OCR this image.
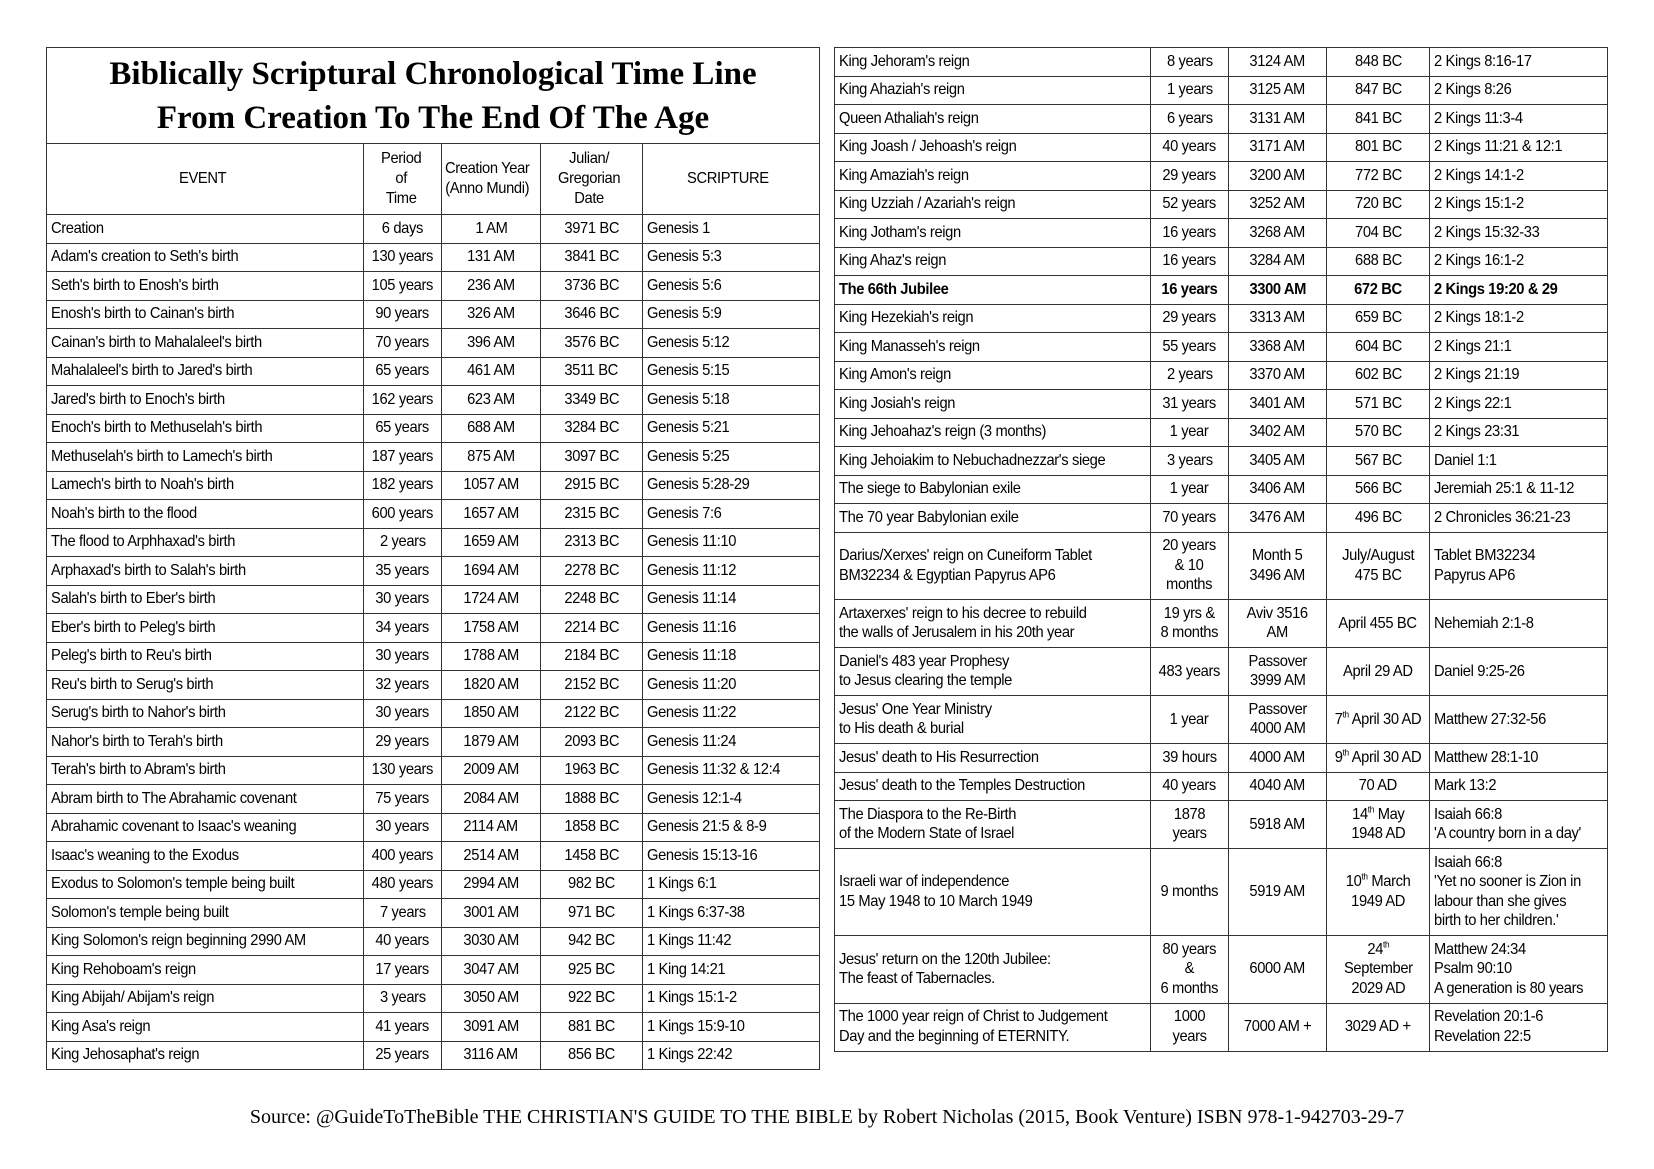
Biblically Scriptural Chronological Time Line
From Creation To The End Of The Age				

EVENT	Period
of
Time	Creation Year
(Anno Mundi)	Julian/
Gregorian
Date	SCRIPTURE
Creation	6 days	1 AM	3971 BC	Genesis 1
Adam's creation to Seth's birth	130 years	131 AM	3841 BC	Genesis 5:3
Seth's birth to Enosh's birth	105 years	236 AM	3736 BC	Genesis 5:6
Enosh's birth to Cainan's birth	90 years	326 AM	3646 BC	Genesis 5:9
Cainan's birth to Mahalaleel's birth	70 years	396 AM	3576 BC	Genesis 5:12
Mahalaleel's birth to Jared's birth	65 years	461 AM	3511 BC	Genesis 5:15
Jared's birth to Enoch's birth	162 years	623 AM	3349 BC	Genesis 5:18
Enoch's birth to Methuselah's birth	65 years	688 AM	3284 BC	Genesis 5:21
Methuselah's birth to Lamech's birth	187 years	875 AM	3097 BC	Genesis 5:25
Lamech's birth to Noah's birth	182 years	1057 AM	2915 BC	Genesis 5:28-29
Noah's birth to the flood	600 years	1657 AM	2315 BC	Genesis 7:6
The flood to Arphhaxad's birth	2 years	1659 AM	2313 BC	Genesis 11:10
Arphaxad's birth to Salah's birth	35 years	1694 AM	2278 BC	Genesis 11:12
Salah's birth to Eber's birth	30 years	1724 AM	2248 BC	Genesis 11:14
Eber's birth to Peleg's birth	34 years	1758 AM	2214 BC	Genesis 11:16
Peleg's birth to Reu's birth	30 years	1788 AM	2184 BC	Genesis 11:18
Reu's birth to Serug's birth	32 years	1820 AM	2152 BC	Genesis 11:20
Serug's birth to Nahor's birth	30 years	1850 AM	2122 BC	Genesis 11:22
Nahor's birth to Terah's birth	29 years	1879 AM	2093 BC	Genesis 11:24
Terah's birth to Abram's birth	130 years	2009 AM	1963 BC	Genesis 11:32 & 12:4
Abram birth to The Abrahamic covenant	75 years	2084 AM	1888 BC	Genesis 12:1-4
Abrahamic covenant to Isaac's weaning	30 years	2114 AM	1858 BC	Genesis 21:5 & 8-9
Isaac's weaning to the Exodus	400 years	2514 AM	1458 BC	Genesis 15:13-16
Exodus to Solomon's temple being built	480 years	2994 AM	982 BC	1 Kings 6:1
Solomon's temple being built	7 years	3001 AM	971 BC	1 Kings 6:37-38
King Solomon's reign beginning 2990 AM	40 years	3030 AM	942 BC	1 Kings 11:42
King Rehoboam's reign	17 years	3047 AM	925 BC	1 King 14:21
King Abijah/ Abijam's reign	3 years	3050 AM	922 BC	1 Kings 15:1-2
King Asa's reign	41 years	3091 AM	881 BC	1 Kings 15:9-10
King Jehosaphat's reign	25 years	3116 AM	856 BC	1 Kings 22:42
King Jehoram's reign	8 years	3124 AM	848 BC	2 Kings 8:16-17
King Ahaziah's reign	1 years	3125 AM	847 BC	2 Kings 8:26
Queen Athaliah's reign	6 years	3131 AM	841 BC	2 Kings 11:3-4
King Joash / Jehoash's reign	40 years	3171 AM	801 BC	2 Kings 11:21 & 12:1
King Amaziah's reign	29 years	3200 AM	772 BC	2 Kings 14:1-2
King Uzziah / Azariah's reign	52 years	3252 AM	720 BC	2 Kings 15:1-2
King Jotham's reign	16 years	3268 AM	704 BC	2 Kings 15:32-33
King Ahaz's reign	16 years	3284 AM	688 BC	2 Kings 16:1-2
The 66th Jubilee	16 years	3300 AM	672 BC	2 Kings 19:20 & 29
King Hezekiah's reign	29 years	3313 AM	659 BC	2 Kings 18:1-2
King Manasseh's reign	55 years	3368 AM	604 BC	2 Kings 21:1
King Amon's reign	2 years	3370 AM	602 BC	2 Kings 21:19
King Josiah's reign	31 years	3401 AM	571 BC	2 Kings 22:1
King Jehoahaz's reign (3 months)	1 year	3402 AM	570 BC	2 Kings 23:31
King Jehoiakim to Nebuchadnezzar's siege	3 years	3405 AM	567 BC	Daniel 1:1
The siege to Babylonian exile	1 year	3406 AM	566 BC	Jeremiah 25:1 & 11-12
The 70 year Babylonian exile	70 years	3476 AM	496 BC	2 Chronicles 36:21-23
Darius/Xerxes' reign on Cuneiform Tablet
BM32234 & Egyptian Papyrus AP6	20 years
& 10
months	Month 5
3496 AM	July/August
475 BC	Tablet BM32234
Papyrus AP6
Artaxerxes' reign to his decree to rebuild
the walls of Jerusalem in his 20th year	19 yrs &
8 months	Aviv 3516
AM	April 455 BC	Nehemiah 2:1-8
Daniel's 483 year Prophesy
to Jesus clearing the temple	483 years	Passover
3999 AM	April 29 AD	Daniel 9:25-26
Jesus' One Year Ministry
to His death & burial	1 year	Passover
4000 AM	7th April 30 AD	Matthew 27:32-56
Jesus' death to His Resurrection	39 hours	4000 AM	9th April 30 AD	Matthew 28:1-10
Jesus' death to the Temples Destruction	40 years	4040 AM	70 AD	Mark 13:2
The Diaspora to the Re-Birth
of the Modern State of Israel	1878
years	5918 AM	14th May
1948 AD	Isaiah 66:8
'A country born in a day'
Israeli war of independence
15 May 1948 to 10 March 1949	9 months	5919 AM	10th March
1949 AD	Isaiah 66:8
'Yet no sooner is Zion in
labour than she gives
birth to her children.'
Jesus' return on the 120th Jubilee:
The feast of Tabernacles.	80 years
&
6 months	6000 AM	24th
September
2029 AD	Matthew 24:34
Psalm 90:10
A generation is 80 years
The 1000 year reign of Christ to Judgement
Day and the beginning of ETERNITY.	1000
years	7000 AM +	3029 AD +	Revelation 20:1-6
Revelation 22:5
Source: @GuideToTheBible THE CHRISTIAN'S GUIDE TO THE BIBLE by Robert Nicholas (2015, Book Venture) ISBN 978-1-942703-29-7
